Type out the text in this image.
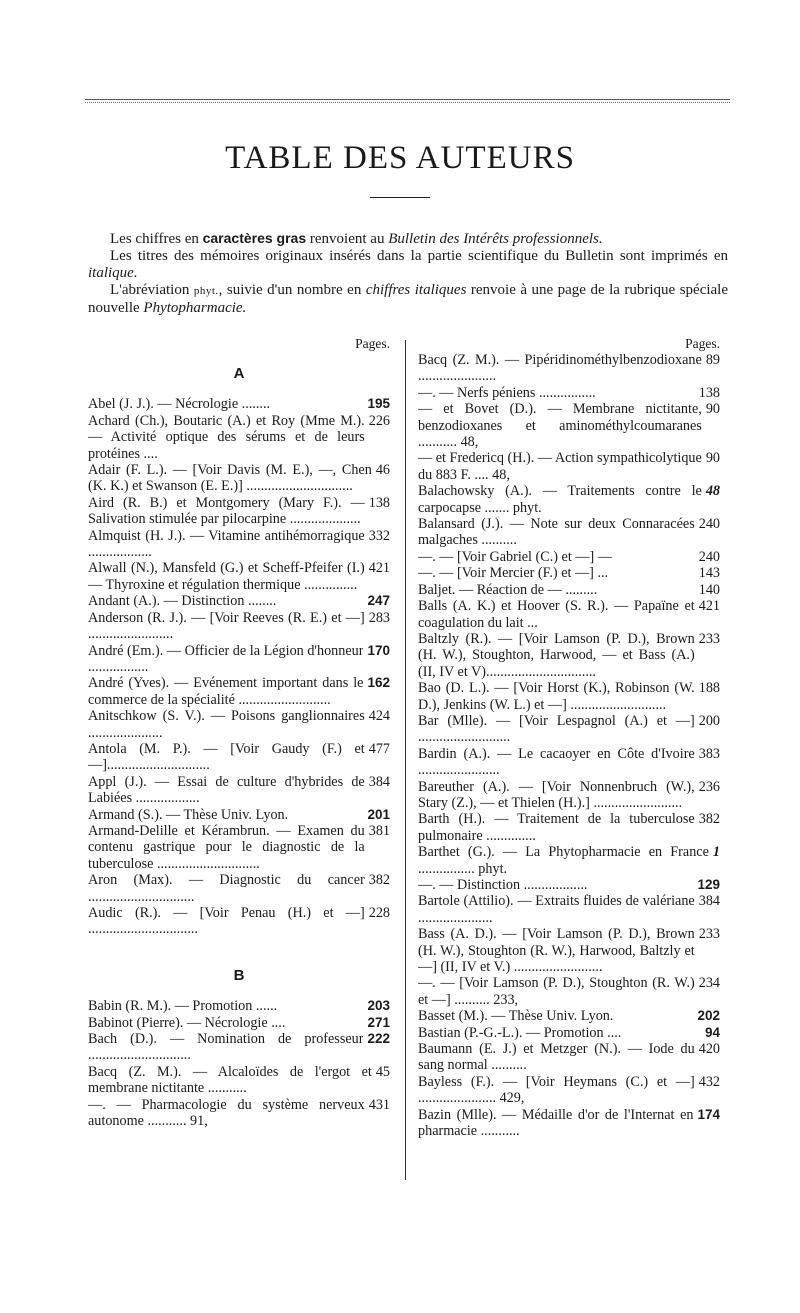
TABLE DES AUTEURS

Les chiffres en caractères gras renvoient au Bulletin des Intérêts professionnels.

Les titres des mémoires originaux insérés dans la partie scientifique du Bulletin sont imprimés en italique.

L'abréviation phyt., suivie d'un nombre en chiffres italiques renvoie à une page de la rubrique spéciale nouvelle Phytopharmacie.

Pages.
A
195
Abel (J. J.). — Nécrologie ........
226
Achard (Ch.), Boutaric (A.) et Roy (Mme M.). — Activité optique des sérums et de leurs protéines ....
46
Adair (F. L.). — [Voir Davis (M. E.), —, Chen (K. K.) et Swanson (E. E.)] ..............................
138
Aird (R. B.) et Montgomery (Mary F.). — Salivation stimulée par pilocarpine ....................
332
Almquist (H. J.). — Vitamine antihémorragique ..................
421
Alwall (N.), Mansfeld (G.) et Scheff-Pfeifer (I.) — Thyroxine et régulation thermique ...............
247
Andant (A.). — Distinction ........
283
Anderson (R. J.). — [Voir Reeves (R. E.) et —] ........................
170
André (Em.). — Officier de la Légion d'honneur .................
162
André (Yves). — Evénement important dans le commerce de la spécialité ..........................
424
Anitschkow (S. V.). — Poisons ganglionnaires .....................
477
Antola (M. P.). — [Voir Gaudy (F.) et —].............................
384
Appl (J.). — Essai de culture d'hybrides de Labiées ..................
201
Armand (S.). — Thèse Univ. Lyon.
381
Armand-Delille et Kérambrun. — Examen du contenu gastrique pour le diagnostic de la tuberculose .............................
382
Aron (Max). — Diagnostic du cancer ..............................
228
Audic (R.). — [Voir Penau (H.) et —] ...............................
B
203
Babin (R. M.). — Promotion ......
271
Babinot (Pierre). — Nécrologie ....
222
Bach (D.). — Nomination de professeur .............................
45
Bacq (Z. M.). — Alcaloïdes de l'ergot et membrane nictitante ...........
431
—. — Pharmacologie du système nerveux autonome ........... 91,
Pages.
89
Bacq (Z. M.). — Pipéridinométhylbenzodioxane ......................
138
—. — Nerfs péniens ................
90
— et Bovet (D.). — Membrane nictitante, benzodioxanes et aminométhylcoumaranes ........... 48,
90
— et Fredericq (H.). — Action sympathicolytique du 883 F. .... 48,
48
Balachowsky (A.). — Traitements contre le carpocapse ....... phyt.
240
Balansard (J.). — Note sur deux Connaracées malgaches ..........
240
—. — [Voir Gabriel (C.) et —] —
143
—. — [Voir Mercier (F.) et —] ...
140
Baljet. — Réaction de — .........
421
Balls (A. K.) et Hoover (S. R.). — Papaïne et coagulation du lait ...
233
Baltzly (R.). — [Voir Lamson (P. D.), Brown (H. W.), Stoughton, Harwood, — et Bass (A.) (II, IV et V)...............................
188
Bao (D. L.). — [Voir Horst (K.), Robinson (W. D.), Jenkins (W. L.) et —] ...........................
200
Bar (Mlle). — [Voir Lespagnol (A.) et —] ..........................
383
Bardin (A.). — Le cacaoyer en Côte d'Ivoire .......................
236
Bareuther (A.). — [Voir Nonnenbruch (W.), Stary (Z.), — et Thielen (H.).] .........................
382
Barth (H.). — Traitement de la tuberculose pulmonaire ..............
1
Barthet (G.). — La Phytopharmacie en France ................ phyt.
129
—. — Distinction ..................
384
Bartole (Attilio). — Extraits fluides de valériane .....................
233
Bass (A. D.). — [Voir Lamson (P. D.), Brown (H. W.), Stoughton (R. W.), Harwood, Baltzly et —] (II, IV et V.) .........................
234
—. — [Voir Lamson (P. D.), Stoughton (R. W.) et —] .......... 233,
202
Basset (M.). — Thèse Univ. Lyon.
94
Bastian (P.-G.-L.). — Promotion ....
420
Baumann (E. J.) et Metzger (N.). — Iode du sang normal ..........
432
Bayless (F.). — [Voir Heymans (C.) et —] ...................... 429,
174
Bazin (Mlle). — Médaille d'or de l'Internat en pharmacie ...........
